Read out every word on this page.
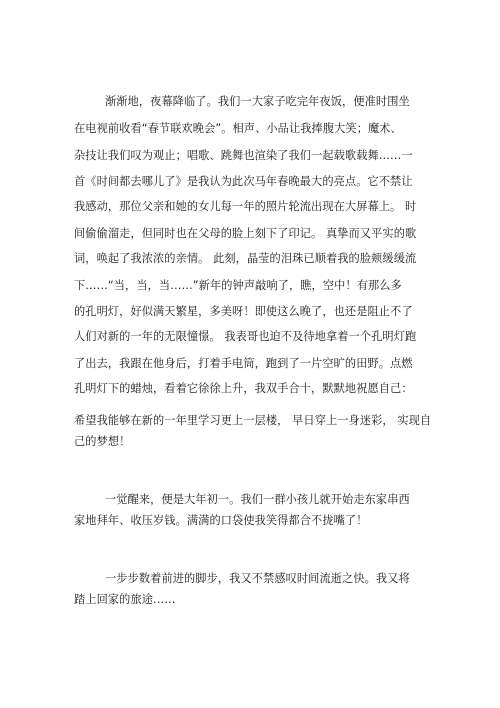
渐渐地，夜幕降临了。我们一大家子吃完年夜饭，便准时围坐
在电视前收看“春节联欢晚会”。相声、小品让我捧腹大笑；魔术、
杂技让我们叹为观止；唱歌、跳舞也渲染了我们一起载歌载舞……一
首《时间都去哪儿了》是我认为此次马年春晚最大的亮点。它不禁让
我感动，那位父亲和她的女儿每一年的照片轮流出现在大屏幕上。 时
间偷偷溜走，但同时也在父母的脸上刻下了印记。 真挚而又平实的歌
词，唤起了我浓浓的亲情。 此刻，晶莹的泪珠已顺着我的脸颊缓缓流
下……“当，当，当……”新年的钟声敲响了，瞧，空中！有那么多
的孔明灯，好似满天繁星，多美呀！即使这么晚了，也还是阻止不了
人们对新的一年的无限憧憬。 我表哥也迫不及待地拿着一个孔明灯跑
了出去，我跟在他身后，打着手电筒，跑到了一片空旷的田野。点燃
孔明灯下的蜡烛，看着它徐徐上升，我双手合十，默默地祝愿自己：
希望我能够在新的一年里学习更上一层楼， 早日穿上一身迷彩， 实现自
己的梦想！
一觉醒来，便是大年初一。我们一群小孩儿就开始走东家串西
家地拜年、收压岁钱。满满的口袋使我笑得都合不拢嘴了！
一步步数着前进的脚步，我又不禁感叹时间流逝之快。我又将
踏上回家的旅途……
